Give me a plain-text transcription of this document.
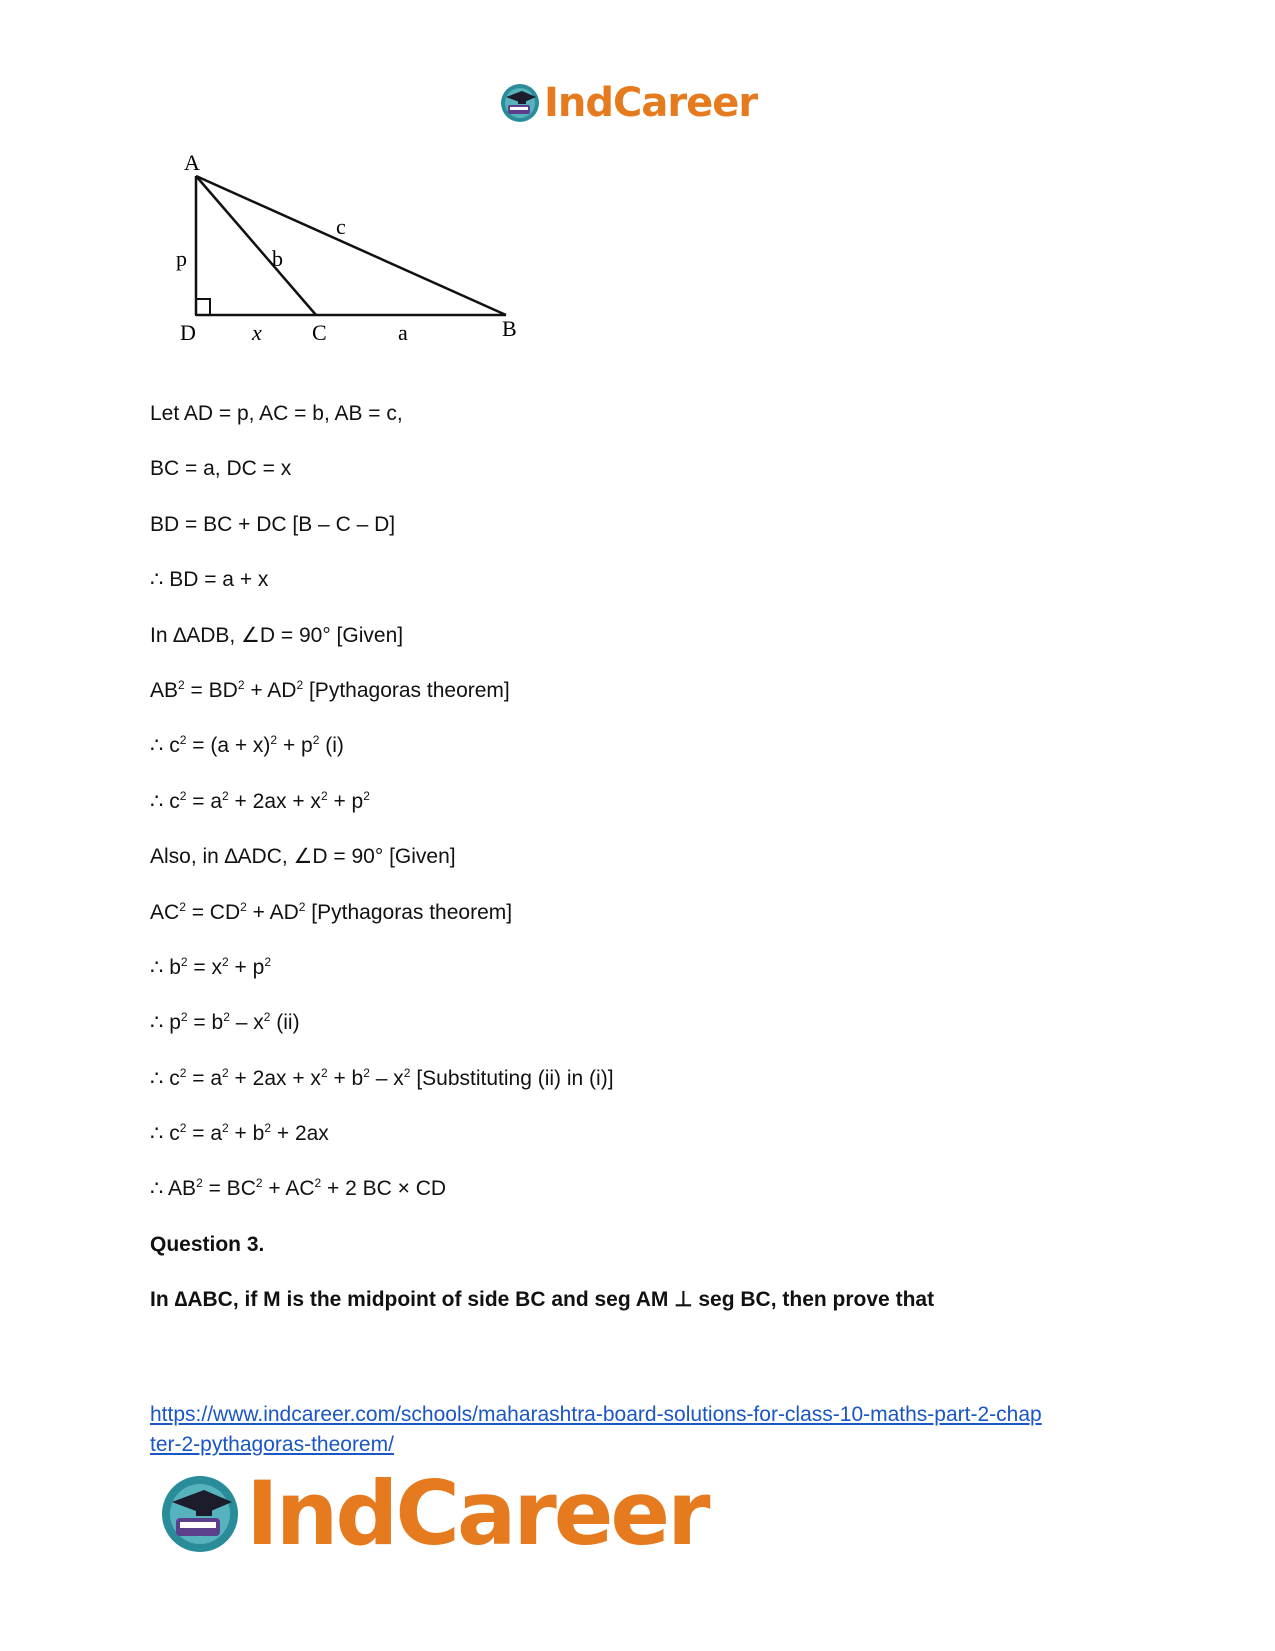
IndCareer
A
D	C	B
p	b
c
x	a
Let AD = p, AC = b, AB = c,
BC = a, DC = x
BD = BC + DC [B – C – D]
∴ BD = a + x
In ∆ADB, ∠D = 90° [Given]
$AB^2 = BD^2 + AD^2$ [Pythagoras theorem]
∴ $c^2 = (a + x)^2 + p^2$ (i)
∴ $c^2 = a^2 + 2ax + x^2 + p^2$
Also, in ∆ADC, ∠D = 90° [Given]
$AC^2 = CD^2 + AD^2$ [Pythagoras theorem]
∴ $b^2 = x^2 + p^2$
∴ $p^2 = b^2 - x^2$ (ii)
∴ $c^2 = a^2 + 2ax + x^2 + b^2 - x^2$ [Substituting (ii) in (i)]
∴ $c^2 = a^2 + b^2 + 2ax$
∴ $AB^2 = BC^2 + AC^2 + 2$ BC × CD
Question 3.
In ∆ABC, if M is the midpoint of side BC and seg AM ⊥ seg BC, then prove that
https://www.indcareer.com/schools/maharashtra-board-solutions-for-class-10-maths-part-2-chap
ter-2-pythagoras-theorem/
IndCareer
